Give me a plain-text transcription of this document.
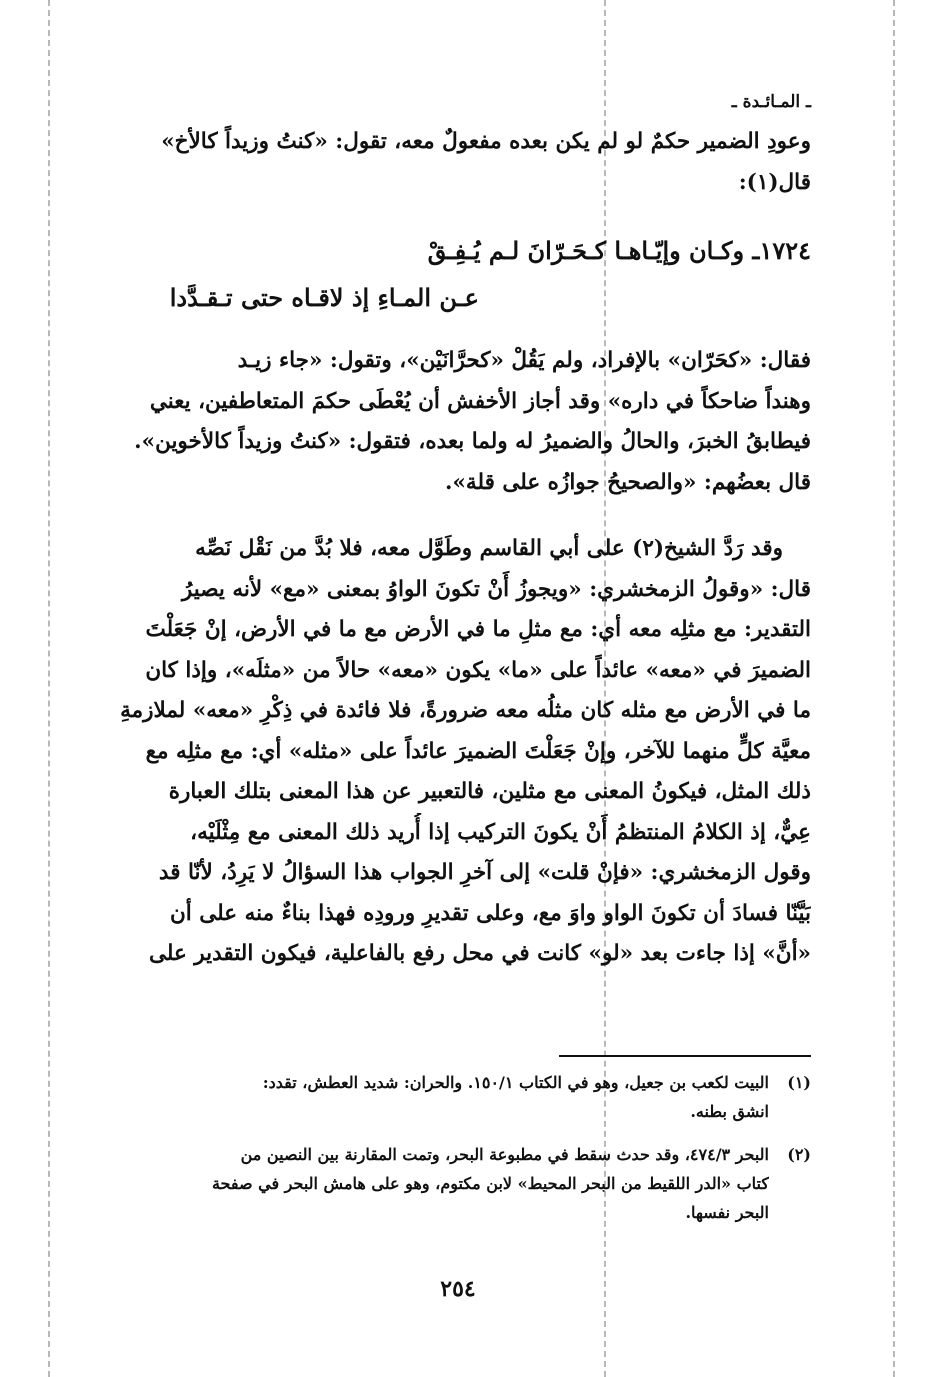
ـ المـائـدة ـ

وعودِ الضمير حكمٌ لو لم يكن بعده مفعولٌ معه، تقول: «كنتُ وزيداً كالأخ»
قال(١):

١٧٢٤ـ وكـان وإيّـاهـا كـحَـرّانَ لـم يُـفِـقْ

عـن المـاءِ إذ لاقـاه حتى تـقـدَّدا

فقال: «كحَرّان» بالإفراد، ولم يَقُلْ «كحرَّانَيْن»، وتقول: «جاء زيـد
وهنداً ضاحكاً في داره» وقد أجاز الأخفش أن يُعْطَى حكمَ المتعاطفين، يعني
فيطابقُ الخبرَ، والحالُ والضميرُ له ولما بعده، فتقول: «كنتُ وزيداً كالأخوين».
قال بعضُهم: «والصحيحُ جوازُه على قلة».

وقد رَدَّ الشيخ(٢) على أبي القاسم وطَوَّل معه، فلا بُدَّ من نَقْل نَصِّه
قال: «وقولُ الزمخشري: «ويجوزُ أَنْ تكونَ الواوُ بمعنى «مع» لأنه يصيرُ
التقدير: مع مثلِه معه أي: مع مثلِ ما في الأرض مع ما في الأرض، إنْ جَعَلْتَ
الضميرَ في «معه» عائداً على «ما» يكون «معه» حالاً من «مثلَه»، وإذا كان
ما في الأرض مع مثله كان مثلُه معه ضرورةً، فلا فائدة في ذِكْرِ «معه» لملازمةِ
معيَّة كلٍّ منهما للآخر، وإنْ جَعَلْتَ الضميرَ عائداً على «مثله» أي: مع مثلِه مع
ذلك المثل، فيكونُ المعنى مع مثلين، فالتعبير عن هذا المعنى بتلك العبارة
عِيٌّ، إذ الكلامُ المنتظمُ أَنْ يكونَ التركيب إذا أُريد ذلك المعنى مع مِثْلَيْه،
وقول الزمخشري: «فإنْ قلت» إلى آخرِ الجواب هذا السؤالُ لا يَرِدُ، لأنّا قد
بَيَّنّا فسادَ أن تكونَ الواو واوَ مع، وعلى تقديرِ ورودِه فهذا بناءٌ منه على أن
«أنَّ» إذا جاءت بعد «لو» كانت في محل رفع بالفاعلية، فيكون التقدير على

(١)
البيت لكعب بن جعيل، وهو في الكتاب ١٥٠/١. والحران: شديد العطش، تقدد:
انشق بطنه.
(٢)
البحر ٤٧٤/٣، وقد حدث سقط في مطبوعة البحر، وتمت المقارنة بين النصين من
كتاب «الدر اللقيط من البحر المحيط» لابن مكتوم، وهو على هامش البحر في صفحة
البحر نفسها.

٢٥٤
